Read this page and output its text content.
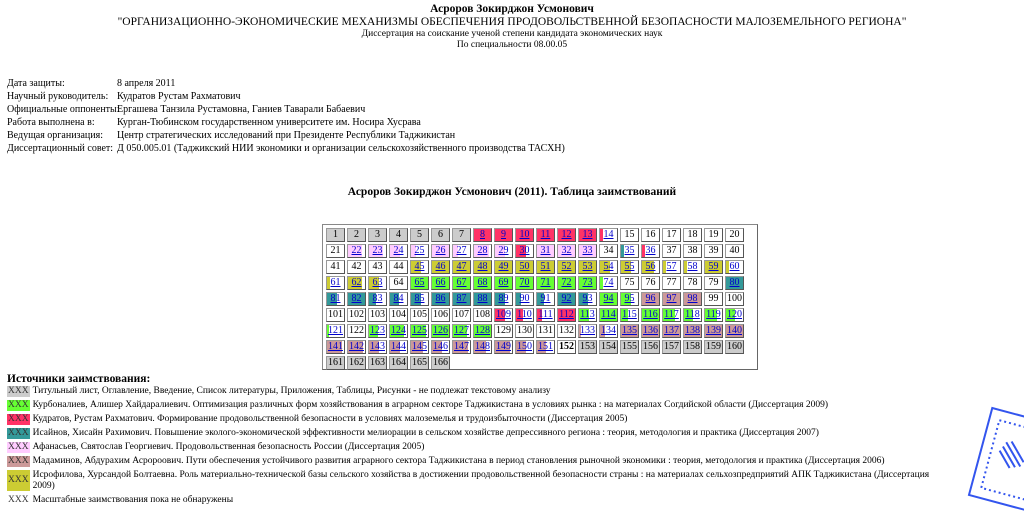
Асроров Зокирджон Усмонович
"ОРГАНИЗАЦИОННО-ЭКОНОМИЧЕСКИЕ МЕХАНИЗМЫ ОБЕСПЕЧЕНИЯ ПРОДОВОЛЬСТВЕННОЙ БЕЗОПАСНОСТИ МАЛОЗЕМЕЛЬНОГО РЕГИОНА"
Диссертация на соискание ученой степени кандидата экономических наук
По специальности 08.00.05
Дата защиты:	8 апреля 2011
Научный руководитель: Кудратов Рустам Рахматович
Официальные оппоненты:
Ергашева Танзила Рустамовна, Ганиев Таварали Бабаевич
Работа выполнена в:	Курган-Тюбинском государственном университете им. Носира Хусрава
Ведущая организация:	Центр стратегических исследований при Президенте Республики Таджикистан
Диссертационный совет: Д 050.005.01 (Таджикский НИИ экономики и организации сельскохозяйственного производства ТАСХН)
Асроров Зокирджон Усмонович (2011). Таблица заимствований
1	2	3	4	5	6	7	8	9	10	11	12	13	14	15	16	17	18	19	20
21	22	23	24	25	26	27	28	29	30	31	32	33	34	35	36	37	38	39	40
41	42	43	44	45	46	47	48	49	50	51	52	53	54	55	56	57	58	59	60

61	62	63	64	65	66	67	68	69	70	71	72	73	74	75	76	77	78	79	80

81	82	83	84	85	86	87	88	89	90	91	92	93	94	95	96	97	98	99	100
101	102	103	104	105	106	107	108	109	110	111	112	113	114	115	116	117	118	119	120

121	122	123	124	125	126	127	128	129	130	131	132	133	134	135	136	137	138	139	140

141	142	143	144	145	146	147	148	149	150	151	152	153	154	155	156	157	158	159	160
161	162	163	164	165	166														
Источники заимствования:
XXX Титульный лист, Оглавление, Введение, Список литературы, Приложения, Таблицы, Рисунки - не подлежат текстовому анализу
XXX Курбоналиев, Алишер Хайдаралиевич. Оптимизация различных форм хозяйствования в аграрном секторе Таджикистана в условиях рынка : на материалах Согдийской области (Диссертация 2009)
XXX Кудратов, Рустам Рахматович. Формирование продовольственной безопасности в условиях малоземелья и трудоизбыточности (Диссертация 2005)
XXX Исайнов, Хисайн Рахимович. Повышение эколого-экономической эффективности мелиорации в сельском хозяйстве депрессивного региона : теория, методология и практика (Диссертация 2007)
XXX Афанасьев, Святослав Георгиевич. Продовольственная безопасность России (Диссертация 2005)
XXX Мадаминов, Абдурахим Асророович. Пути обеспечения устойчивого развития аграрного сектора Таджикистана в период становления рыночной экономики : теория, методология и практика (Диссертация 2006)
XXX Исрофилова, Хурсандой Болтаевна. Роль материально-технической базы сельского хозяйства в достижении продовольственной безопасности страны : на материалах сельхозпредприятий АПК Таджикистана (Диссертация 2009)
XXX Масштабные заимствования пока не обнаружены
